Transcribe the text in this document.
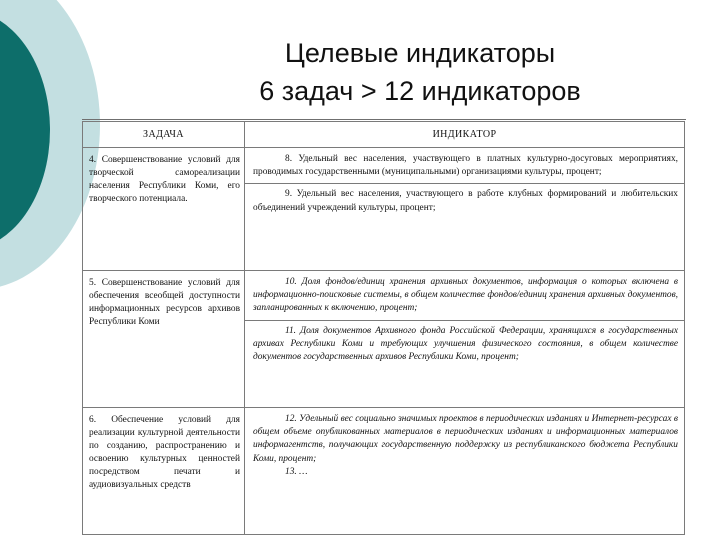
Целевые индикаторы
6 задач > 12 индикаторов
ЗАДАЧА	ИНДИКАТОР
4. Совершенствование условий для творческой самореализации населения Республики Коми, его творческого потенциала.	8. Удельный вес населения, участвующего в платных культурно-досуговых мероприятиях, проводимых государственными (муниципальными) организациями культуры, процент;
9. Удельный вес населения, участвующего в работе клубных формирований и любительских объединений учреждений культуры, процент;

5. Совершенствование условий для обеспечения всеобщей доступности информационных ресурсов архивов Республики Коми	10. Доля фондов/единиц хранения архивных документов, информация о которых включена в информационно-поисковые системы, в общем количестве фондов/единиц хранения архивных документов, запланированных к включению, процент;
11. Доля документов Архивного фонда Российской Федерации, хранящихся в государственных архивах Республики Коми и требующих улучшения физического состояния, в общем количестве документов государственных архивов Республики Коми, процент;

6. Обеспечение условий для реализации культурной деятельности по созданию, распространению и освоению культурных ценностей посредством печати и аудиовизуальных средств	12. Удельный вес социально значимых проектов в периодических изданиях и Интернет-ресурсах в общем объеме опубликованных материалов в периодических изданиях и информационных материалов информагентств, получающих государственную поддержку из республиканского бюджета Республики Коми, процент;
13. …
